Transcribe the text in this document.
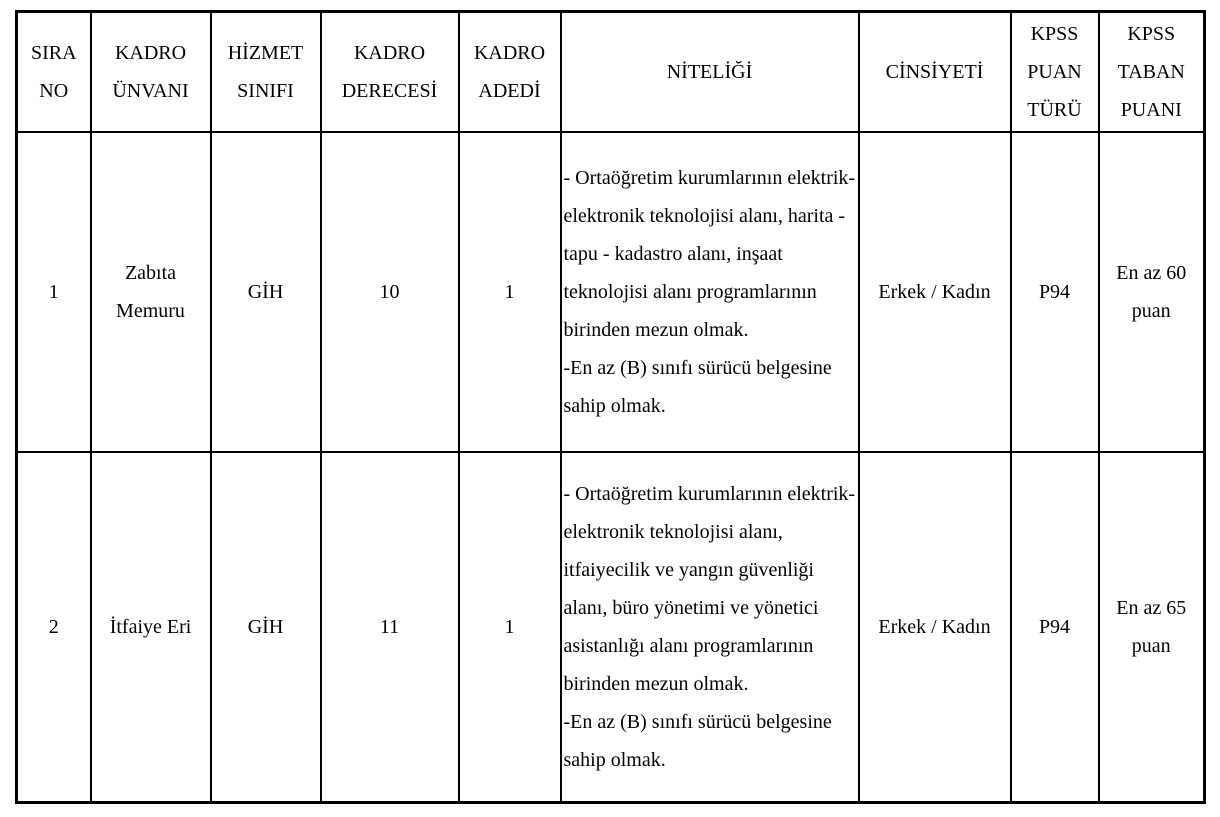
SIRA NO	KADRO ÜNVANI	HİZMET SINIFI	KADRO DERECESİ	KADRO ADEDİ	NİTELİĞİ	CİNSİYETİ	KPSS PUAN TÜRÜ	KPSS TABAN PUANI
1	Zabıta Memuru	GİH	10	1	- Ortaöğretim kurumlarının elektrik-elektronik teknolojisi alanı, harita - tapu - kadastro alanı, inşaat teknolojisi alanı programlarının birinden mezun olmak.
-En az (B) sınıfı sürücü belgesine sahip olmak.	Erkek / Kadın	P94	En az 60 puan
2	İtfaiye Eri	GİH	11	1	- Ortaöğretim kurumlarının elektrik-elektronik teknolojisi alanı, itfaiyecilik ve yangın güvenliği alanı, büro yönetimi ve yönetici asistanlığı alanı programlarının birinden mezun olmak.
-En az (B) sınıfı sürücü belgesine sahip olmak.	Erkek / Kadın	P94	En az 65 puan
